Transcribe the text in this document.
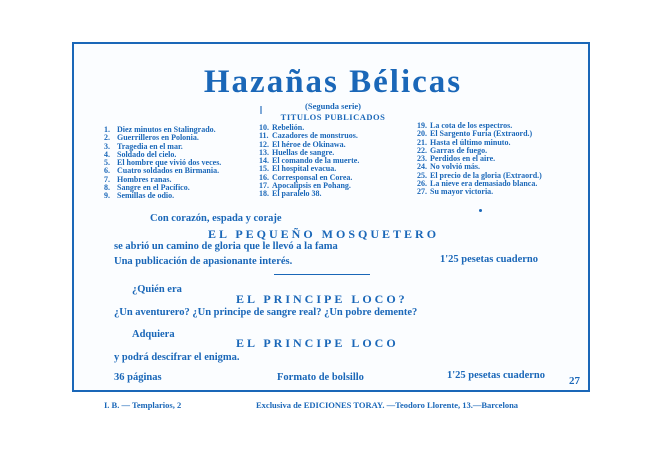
Hazañas Bélicas
(Segunda serie)
TITULOS PUBLICADOS
1. Diez minutos en Stalingrado.
2. Guerrilleros en Polonia.
3. Tragedia en el mar.
4. Soldado del cielo.
5. El hombre que vivió dos veces.
6. Cuatro soldados en Birmania.
7. Hombres ranas.
8. Sangre en el Pacífico.
9. Semillas de odio.
10. Rebelión.
11. Cazadores de monstruos.
12. El héroe de Okinawa.
13. Huellas de sangre.
14. El comando de la muerte.
15. El hospital evacua.
16. Corresponsal en Corea.
17. Apocalipsis en Pohang.
18. El paralelo 38.
19. La cota de los espectros.
20. El Sargento Furia (Extraord.)
21. Hasta el último minuto.
22. Garras de fuego.
23. Perdidos en el aire.
24. No volvió más.
25. El precio de la gloria (Extraord.)
26. La nieve era demasiado blanca.
27. Su mayor victoria.
Con corazón, espada y coraje
EL PEQUEÑO MOSQUETERO
se abrió un camino de gloria que le llevó a la fama
Una publicación de apasionante interés.	1'25 pesetas cuaderno
¿Quién era
EL PRINCIPE LOCO?
¿Un aventurero? ¿Un principe de sangre real? ¿Un pobre demente?
Adquiera
EL PRINCIPE LOCO
y podrá descifrar el enigma.
36 páginas	Formato de bolsillo	1'25 pesetas cuaderno 27
I. B. — Templarios, 2	Exclusiva de EDICIONES TORAY. —Teodoro Llorente, 13.—Barcelona
